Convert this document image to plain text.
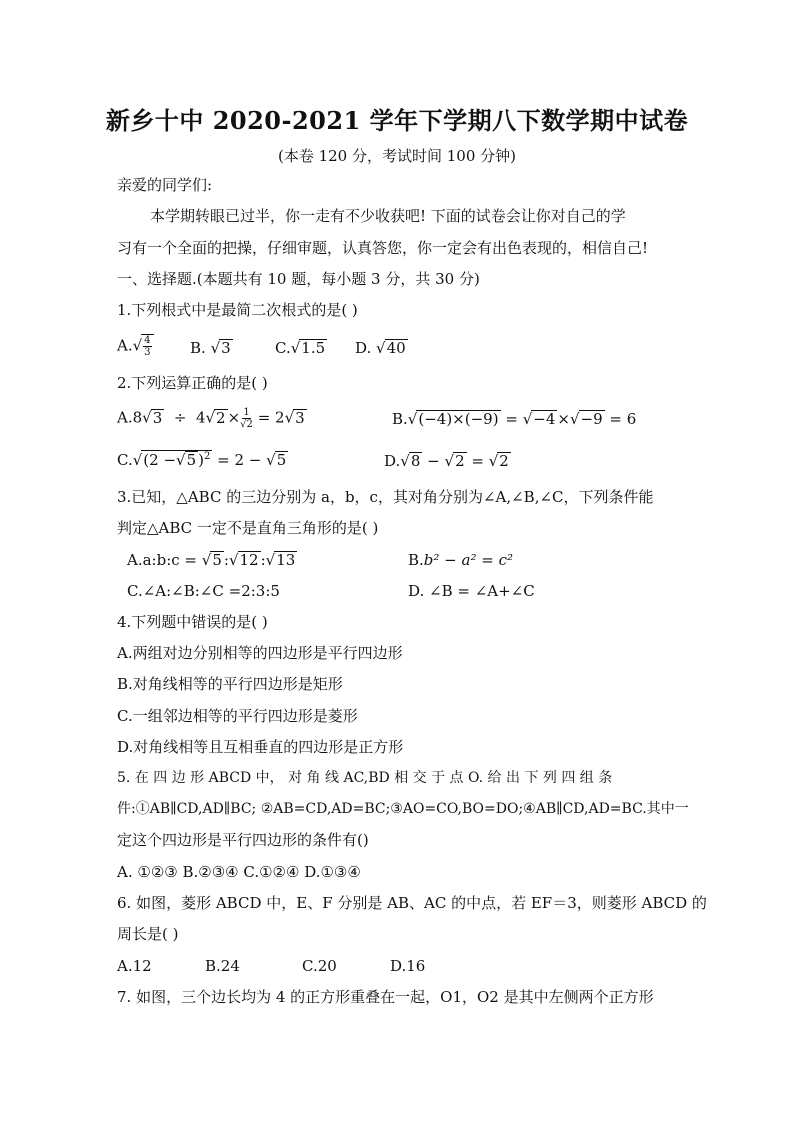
新乡十中 2020-2021 学年下学期八下数学期中试卷
(本卷 120 分，考试时间 100 分钟)
亲爱的同学们:
本学期转眼已过半，你一走有不少收获吧! 下面的试卷会让你对自己的学
习有一个全面的把操，仔细审题，认真答您，你一定会有出色表现的，相信自己!
一、选择题.(本题共有 10 题，每小题 3 分，共 30 分)
1.下列根式中是最简二次根式的是( )
$A.√ \frac{4}{3}$	B. √3	C.√1.5 D. √40
2.下列运算正确的是( )
$A.8√3 \div 4√2 \times \frac{1}{√2} = 2√3$	B.√(−4)×(−9) = √−4 ×√−9 = 6
C.√(2 −√5 )$^2$ = 2 − √5	D.√8 − √2 = √2
3.已知，△ABC 的三边分别为 a，b，c，其对角分别为∠A,∠B,∠C，下列条件能
判定△ABC 一定不是直角三角形的是( )
A.a:b:c = √5 :√12 :√13	B.b² − a² = c²
C.∠A:∠B:∠C =2:3:5	D. ∠B = ∠A+∠C
4.下列题中错误的是( )
A.两组对边分别相等的四边形是平行四边形
B.对角线相等的平行四边形是矩形
C.一组邻边相等的平行四边形是菱形
D.对角线相等且互相垂直的四边形是正方形
5. 在 四 边 形 ABCD 中， 对 角 线 AC,BD 相 交 于 点 O. 给 出 下 列 四 组 条
件:①AB∥CD,AD∥BC; ②AB=CD,AD=BC;③AO=CO,BO=DO;④AB∥CD,AD=BC.其中一
定这个四边形是平行四边形的条件有()
A. ①②③ B.②③④ C.①②④ D.①③④
6. 如图，菱形 ABCD 中，E、F 分别是 AB、AC 的中点，若 EF＝3，则菱形 ABCD 的
周长是( )
A.12	B.24	C.20	D.16
7. 如图，三个边长均为 4 的正方形重叠在一起，O1，O2 是其中左侧两个正方形
